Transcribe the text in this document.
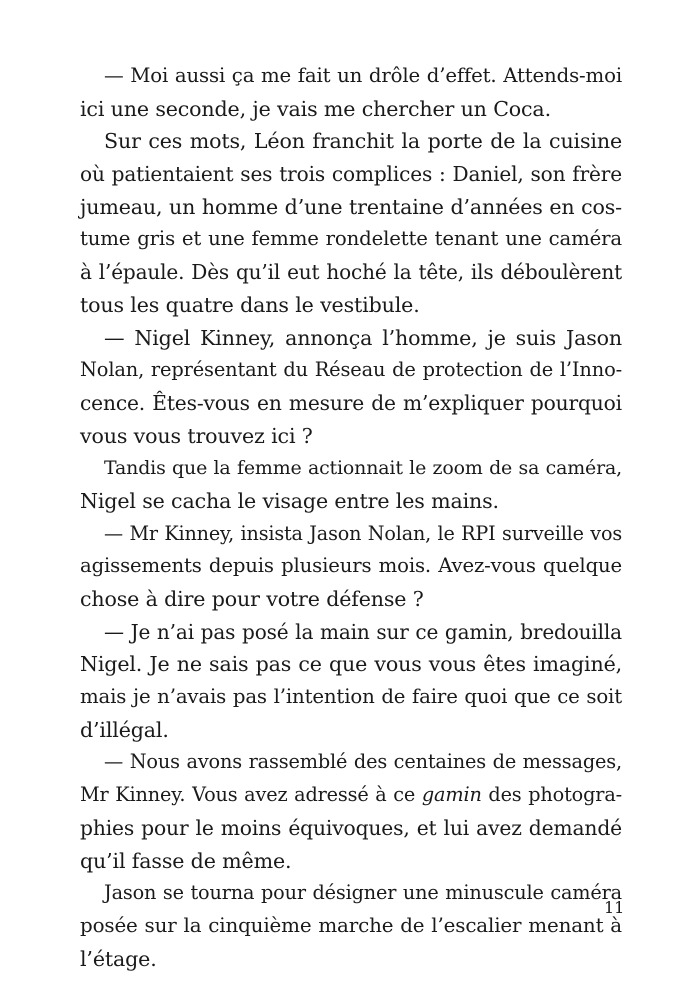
— Moi aussi ça me fait un drôle d’effet. Attends-moi
ici une seconde, je vais me chercher un Coca.
Sur ces mots, Léon franchit la porte de la cuisine
où patientaient ses trois complices : Daniel, son frère
jumeau, un homme d’une trentaine d’années en cos-
tume gris et une femme rondelette tenant une caméra
à l’épaule. Dès qu’il eut hoché la tête, ils déboulèrent
tous les quatre dans le vestibule.
— Nigel Kinney, annonça l’homme, je suis Jason
Nolan, représentant du Réseau de protection de l’Inno-
cence. Êtes-vous en mesure de m’expliquer pourquoi
vous vous trouvez ici ?
Tandis que la femme actionnait le zoom de sa caméra,
Nigel se cacha le visage entre les mains.
— Mr Kinney, insista Jason Nolan, le RPI surveille vos
agissements depuis plusieurs mois. Avez-vous quelque
chose à dire pour votre défense ?
— Je n’ai pas posé la main sur ce gamin, bredouilla
Nigel. Je ne sais pas ce que vous vous êtes imaginé,
mais je n’avais pas l’intention de faire quoi que ce soit
d’illégal.
— Nous avons rassemblé des centaines de messages,
Mr Kinney. Vous avez adressé à ce gamin des photogra-
phies pour le moins équivoques, et lui avez demandé
qu’il fasse de même.
Jason se tourna pour désigner une minuscule caméra
posée sur la cinquième marche de l’escalier menant à
l’étage.
11
